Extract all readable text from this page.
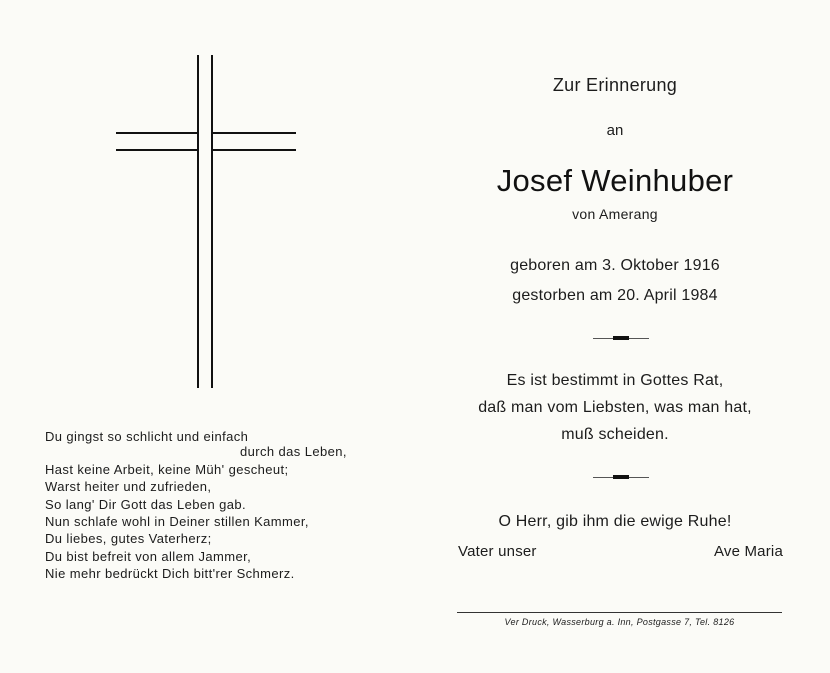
Du gingst so schlicht und einfach
durch das Leben,
Hast keine Arbeit, keine Müh' gescheut;
Warst heiter und zufrieden,
So lang' Dir Gott das Leben gab.
Nun schlafe wohl in Deiner stillen Kammer,
Du liebes, gutes Vaterherz;
Du bist befreit von allem Jammer,
Nie mehr bedrückt Dich bitt'rer Schmerz.
Zur Erinnerung
an
Josef Weinhuber
von Amerang
geboren am 3. Oktober 1916
gestorben am 20. April 1984
Es ist bestimmt in Gottes Rat,
daß man vom Liebsten, was man hat,
muß scheiden.
O Herr, gib ihm die ewige Ruhe!
Vater unser	Ave Maria
Ver Druck, Wasserburg a. Inn, Postgasse 7, Tel. 8126
